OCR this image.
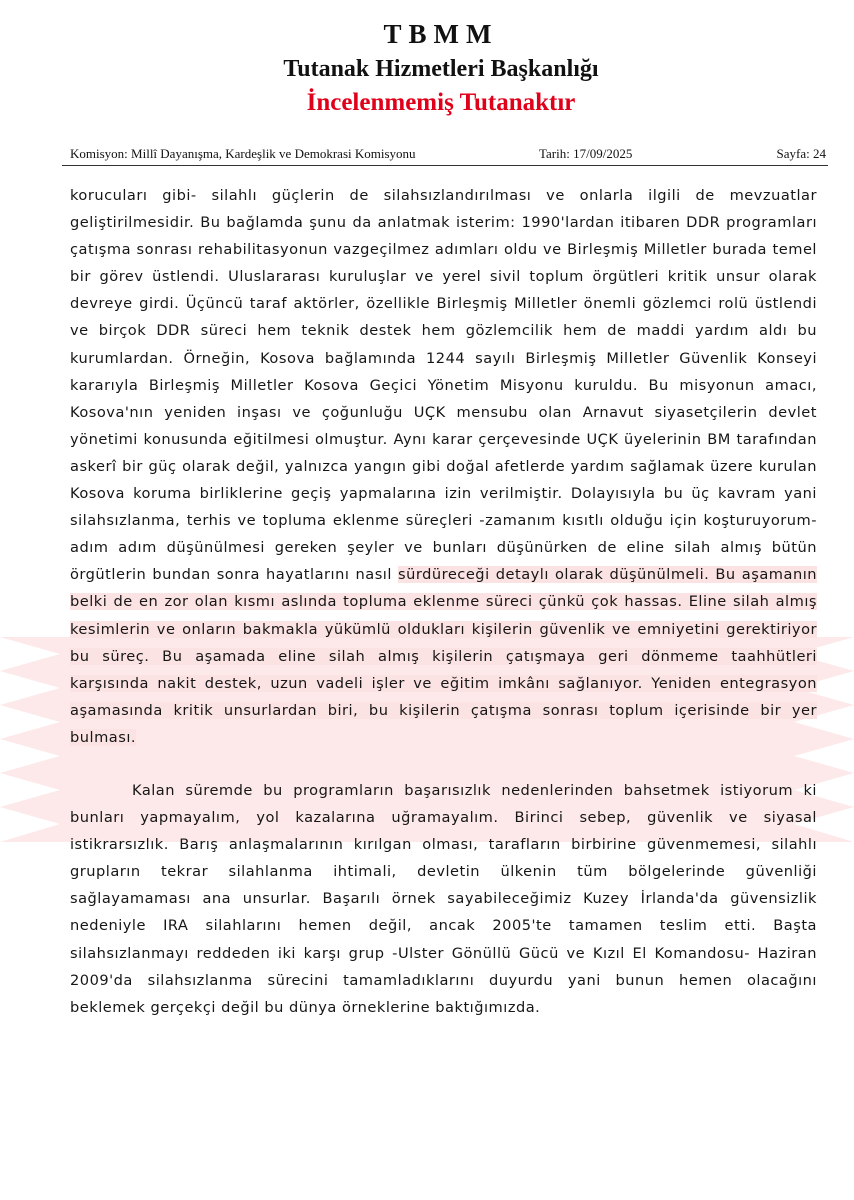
TBMM
Tutanak Hizmetleri Başkanlığı
İncelenmemiş Tutanaktır
Komisyon: Millî Dayanışma, Kardeşlik ve Demokrasi Komisyonu	Tarih: 17/09/2025	Sayfa: 24

korucuları gibi- silahlı güçlerin de silahsızlandırılması ve onlarla ilgili de mevzuatlar geliştirilmesidir. Bu bağlamda şunu da anlatmak isterim: 1990'lardan itibaren DDR programları çatışma sonrası rehabilitasyonun vazgeçilmez adımları oldu ve Birleşmiş Milletler burada temel bir görev üstlendi. Uluslararası kuruluşlar ve yerel sivil toplum örgütleri kritik unsur olarak devreye girdi. Üçüncü taraf aktörler, özellikle Birleşmiş Milletler önemli gözlemci rolü üstlendi ve birçok DDR süreci hem teknik destek hem gözlemcilik hem de maddi yardım aldı bu kurumlardan. Örneğin, Kosova bağlamında 1244 sayılı Birleşmiş Milletler Güvenlik Konseyi kararıyla Birleşmiş Milletler Kosova Geçici Yönetim Misyonu kuruldu. Bu misyonun amacı, Kosova'nın yeniden inşası ve çoğunluğu UÇK mensubu olan Arnavut siyasetçilerin devlet yönetimi konusunda eğitilmesi olmuştur. Aynı karar çerçevesinde UÇK üyelerinin BM tarafından askerî bir güç olarak değil, yalnızca yangın gibi doğal afetlerde yardım sağlamak üzere kurulan Kosova koruma birliklerine geçiş yapmalarına izin verilmiştir. Dolayısıyla bu üç kavram yani silahsızlanma, terhis ve topluma eklenme süreçleri -zamanım kısıtlı olduğu için koşturuyorum- adım adım düşünülmesi gereken şeyler ve bunları düşünürken de eline silah almış bütün örgütlerin bundan sonra hayatlarını nasıl sürdüreceği detaylı olarak düşünülmeli. Bu aşamanın belki de en zor olan kısmı aslında topluma eklenme süreci çünkü çok hassas. Eline silah almış kesimlerin ve onların bakmakla yükümlü oldukları kişilerin güvenlik ve emniyetini gerektiriyor bu süreç. Bu aşamada eline silah almış kişilerin çatışmaya geri dönmeme taahhütleri karşısında nakit destek, uzun vadeli işler ve eğitim imkânı sağlanıyor. Yeniden entegrasyon aşamasında kritik unsurlardan biri, bu kişilerin çatışma sonrası toplum içerisinde bir yer bulması.

Kalan süremde bu programların başarısızlık nedenlerinden bahsetmek istiyorum ki bunları yapmayalım, yol kazalarına uğramayalım. Birinci sebep, güvenlik ve siyasal istikrarsızlık. Barış anlaşmalarının kırılgan olması, tarafların birbirine güvenmemesi, silahlı grupların tekrar silahlanma ihtimali, devletin ülkenin tüm bölgelerinde güvenliği sağlayamaması ana unsurlar. Başarılı örnek sayabileceğimiz Kuzey İrlanda'da güvensizlik nedeniyle IRA silahlarını hemen değil, ancak 2005'te tamamen teslim etti. Başta silahsızlanmayı reddeden iki karşı grup -Ulster Gönüllü Gücü ve Kızıl El Komandosu- Haziran 2009'da silahsızlanma sürecini tamamladıklarını duyurdu yani bunun hemen olacağını beklemek gerçekçi değil bu dünya örneklerine baktığımızda.
